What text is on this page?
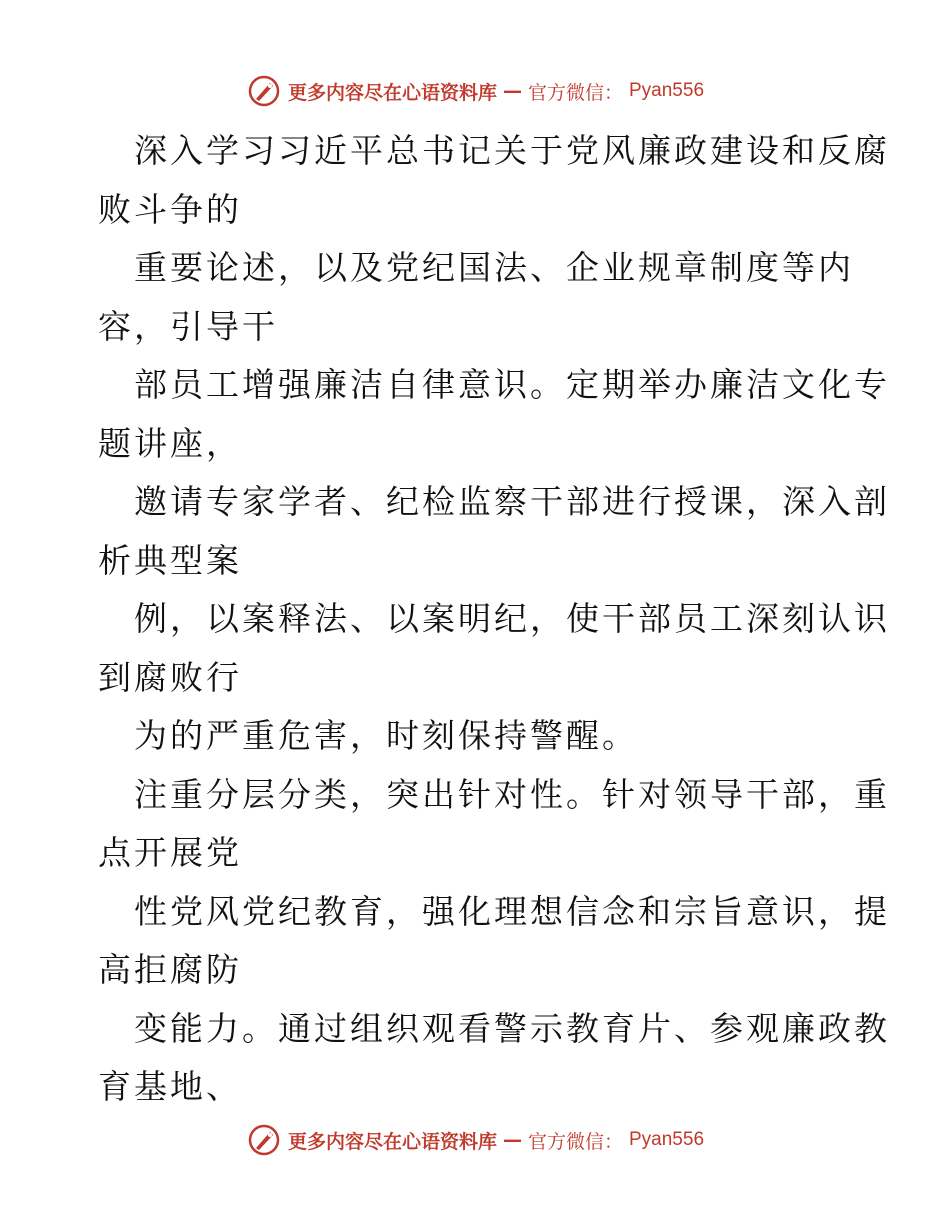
更多内容尽在心语资料库 — 官方微信： Pyan556
深入学习习近平总书记关于党风廉政建设和反腐
败斗争的
重要论述，以及党纪国法、企业规章制度等内
容，引导干
部员工增强廉洁自律意识。定期举办廉洁文化专
题讲座，
邀请专家学者、纪检监察干部进行授课，深入剖
析典型案
例，以案释法、以案明纪，使干部员工深刻认识
到腐败行
为的严重危害，时刻保持警醒。
注重分层分类，突出针对性。针对领导干部，重
点开展党
性党风党纪教育，强化理想信念和宗旨意识，提
高拒腐防
变能力。通过组织观看警示教育片、参观廉政教
育基地、
更多内容尽在心语资料库 — 官方微信： Pyan556
